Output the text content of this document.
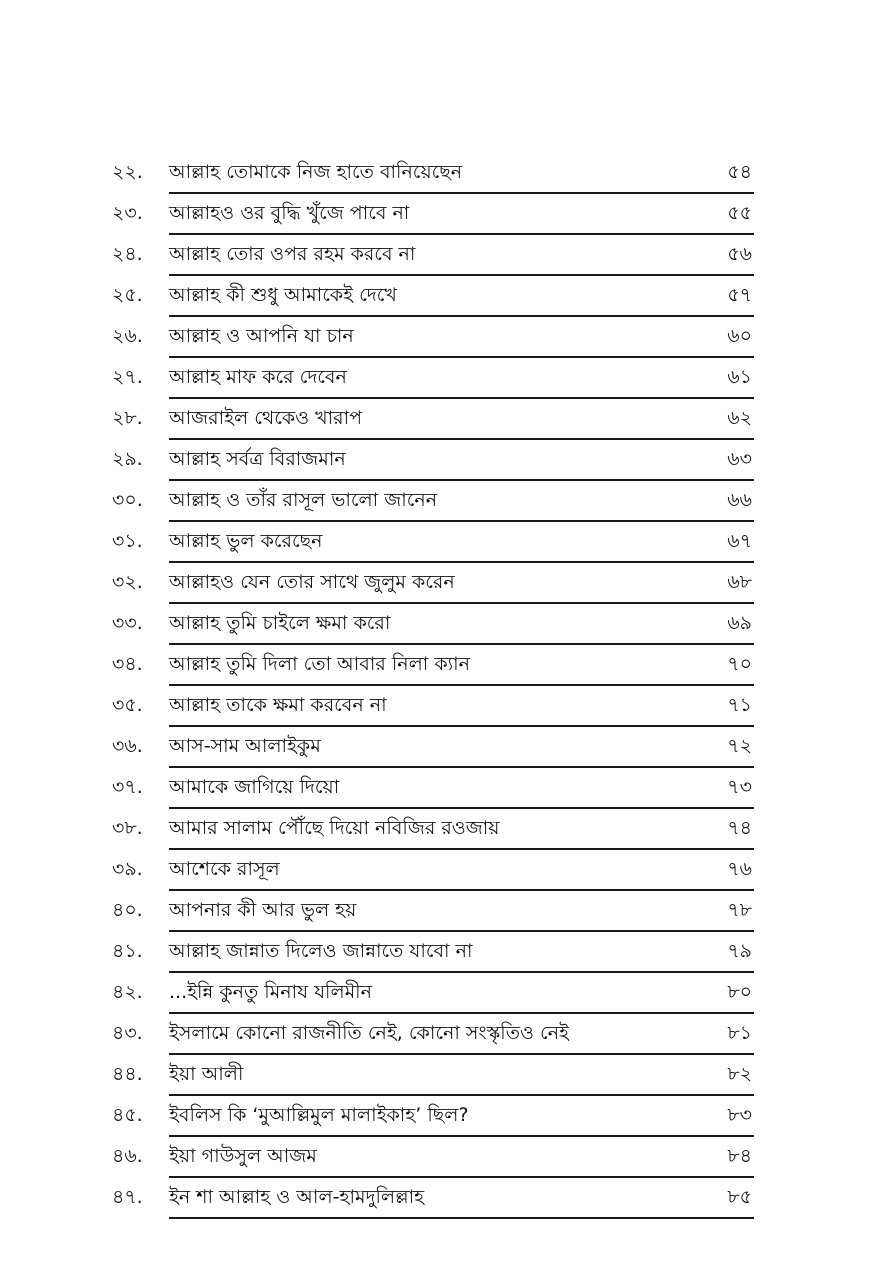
২২.	আল্লাহ তোমাকে নিজ হাতে বানিয়েছেন	৫৪
২৩.	আল্লাহও ওর বুদ্ধি খুঁজে পাবে না	৫৫
২৪.	আল্লাহ তোর ওপর রহম করবে না	৫৬
২৫.	আল্লাহ কী শুধু আমাকেই দেখে	৫৭
২৬.	আল্লাহ ও আপনি যা চান	৬০
২৭.	আল্লাহ মাফ করে দেবেন	৬১
২৮.	আজরাইল থেকেও খারাপ	৬২
২৯.	আল্লাহ সর্বত্র বিরাজমান	৬৩
৩০.	আল্লাহ ও তাঁর রাসূল ভালো জানেন	৬৬
৩১.	আল্লাহ ভুল করেছেন	৬৭
৩২.	আল্লাহও যেন তোর সাথে জুলুম করেন	৬৮
৩৩.	আল্লাহ তুমি চাইলে ক্ষমা করো	৬৯
৩৪.	আল্লাহ তুমি দিলা তো আবার নিলা ক্যান	৭০
৩৫.	আল্লাহ তাকে ক্ষমা করবেন না	৭১
৩৬.	আস-সাম আলাইকুম	৭২
৩৭.	আমাকে জাগিয়ে দিয়ো	৭৩
৩৮.	আমার সালাম পৌঁছে দিয়ো নবিজির রওজায়	৭৪
৩৯.	আশেকে রাসূল	৭৬
৪০.	আপনার কী আর ভুল হয়	৭৮
৪১.	আল্লাহ জান্নাত দিলেও জান্নাতে যাবো না	৭৯
৪২.	...ইন্নি কুনতু মিনায যলিমীন	৮০
৪৩.	ইসলামে কোনো রাজনীতি নেই, কোনো সংস্কৃতিও নেই	৮১
৪৪.	ইয়া আলী	৮২
৪৫.	ইবলিস কি ‘মুআল্লিমুল মালাইকাহ’ ছিল?	৮৩
৪৬.	ইয়া গাউসুল আজম	৮৪
৪৭.	ইন শা আল্লাহ ও আল-হামদুলিল্লাহ	৮৫
